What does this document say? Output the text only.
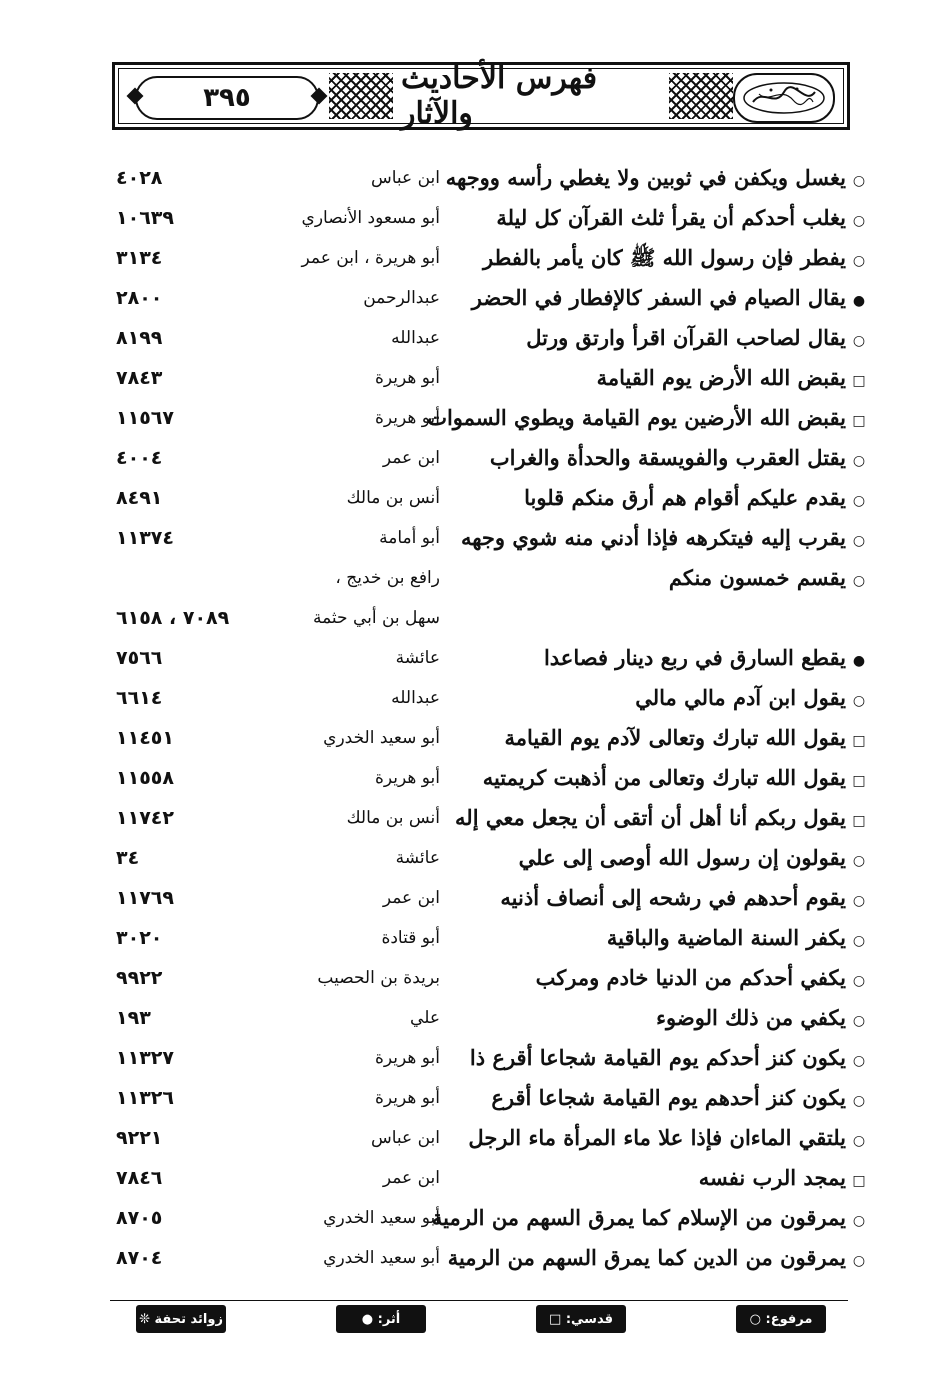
٣٩٥
فهرس الأحاديث والآثار
○يغسل ويكفن في ثوبين ولا يغطي رأسه ووجهه
ابن عباس
٤٠٢٨
○يغلب أحدكم أن يقرأ ثلث القرآن كل ليلة
أبو مسعود الأنصاري
١٠٦٣٩
○يفطر فإن رسول الله ﷺ كان يأمر بالفطر
أبو هريرة ، ابن عمر
٣١٣٤
●يقال الصيام في السفر كالإفطار في الحضر
عبدالرحمن
٢٨٠٠
○يقال لصاحب القرآن اقرأ وارتق ورتل
عبدالله
٨١٩٩
□يقبض الله الأرض يوم القيامة
أبو هريرة
٧٨٤٣
□يقبض الله الأرضين يوم القيامة ويطوي السموات
أبو هريرة
١١٥٦٧
○يقتل العقرب والفويسقة والحدأة والغراب
ابن عمر
٤٠٠٤
○يقدم عليكم أقوام هم أرق منكم قلوبا
أنس بن مالك
٨٤٩١
○يقرب إليه فيتكرهه فإذا أدني منه شوي وجهه
أبو أمامة
١١٣٧٤
○يقسم خمسون منكم
رافع بن خديج ،
سهل بن أبي حثمة
٧٠٨٩ ، ٦١٥٨
●يقطع السارق في ربع دينار فصاعدا
عائشة
٧٥٦٦
○يقول ابن آدم مالي مالي
عبدالله
٦٦١٤
□يقول الله تبارك وتعالى لآدم يوم القيامة
أبو سعيد الخدري
١١٤٥١
□يقول الله تبارك وتعالى من أذهبت كريمتيه
أبو هريرة
١١٥٥٨
□يقول ربكم أنا أهل أن أتقى أن يجعل معي إله
أنس بن مالك
١١٧٤٢
○يقولون إن رسول الله أوصى إلى علي
عائشة
٣٤
○يقوم أحدهم في رشحه إلى أنصاف أذنيه
ابن عمر
١١٧٦٩
○يكفر السنة الماضية والباقية
أبو قتادة
٣٠٢٠
○يكفي أحدكم من الدنيا خادم ومركب
بريدة بن الحصيب
٩٩٢٢
○يكفي من ذلك الوضوء
علي
١٩٣
○يكون كنز أحدكم يوم القيامة شجاعا أقرع ذا
أبو هريرة
١١٣٢٧
○يكون كنز أحدهم يوم القيامة شجاعا أقرع
أبو هريرة
١١٣٢٦
○يلتقي الماءان فإذا علا ماء المرأة ماء الرجل
ابن عباس
٩٢٢١
□يمجد الرب نفسه
ابن عمر
٧٨٤٦
○يمرقون من الإسلام كما يمرق السهم من الرمية
أبو سعيد الخدري
٨٧٠٥
○يمرقون من الدين كما يمرق السهم من الرمية
أبو سعيد الخدري
٨٧٠٤
مرفوع: ○
قدسي: □
أثر: ●
زوائد تحفة ❊
